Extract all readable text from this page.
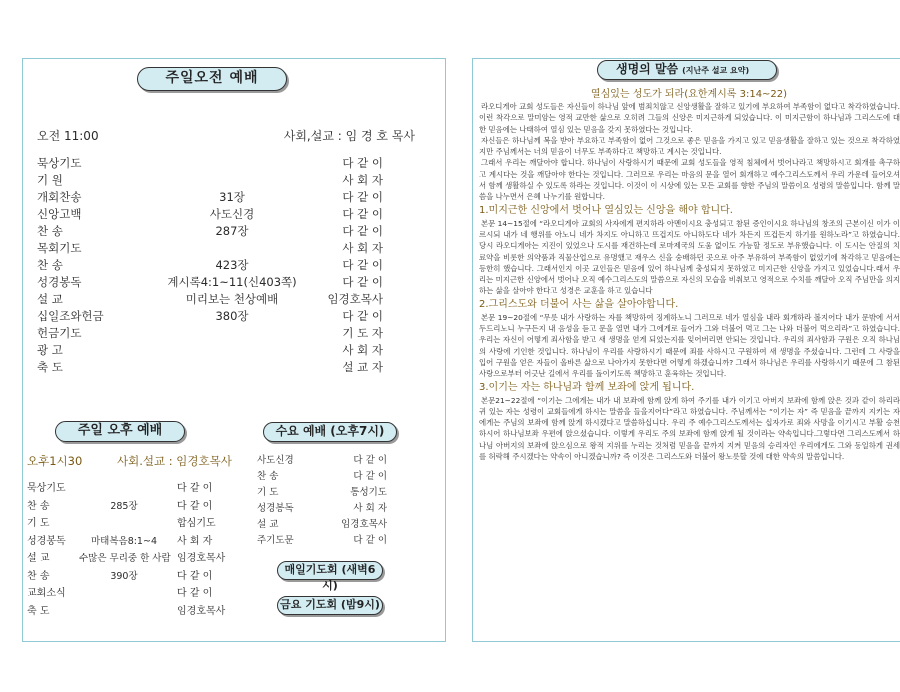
주일오전 예배
오전 11:00	사회,설교 : 임 경 호 목사
묵상기도	다 같 이
기 원	사 회 자
개회찬송	31장	다 같 이
신앙고백	사도신경	다 같 이
찬 송	287장	다 같 이
목회기도	사 회 자
찬 송	423장	다 같 이
성경봉독	계시록4:1~11(신403쪽)	다 같 이
설 교	미리보는 천상예배	임경호목사
십일조와헌금	380장	다 같 이
헌금기도	기 도 자
광 고	사 회 자
축 도	설 교 자
주일 오후 예배	수요 예배 (오후7시)
오후1시30	사회.설교 : 임경호목사
묵상기도	다 같 이
찬 송	285장	다 같 이
기 도	합심기도
성경봉독	마태복음8:1~4	사 회 자
설 교	수많은 무리중 한 사람 임경호목사
찬 송	390장	다 같 이
교회소식	다 같 이
축 도	임경호목사
사도신경	다 같 이
찬 송	다 같 이
기 도	통성기도
성경봉독	사 회 자
설 교	임경호목사
주기도문	다 같 이
매일기도회 (새벽6시)
금요 기도회 (밤9시)
생명의 말씀 (지난주 설교 요약)
열심있는 성도가 되라(요한계시록 3:14~22)

라오디게아 교회 성도들은 자신들이 하나님 앞에 범죄치않고 신앙생활을 잘하고 있기에 부요하여 부족함이 없다고 착각하였습니다. 이런 착각으로 말미암는 영적 교만한 삶으로 오히려 그들의 신앙은 미지근하게 되었습니다. 이 미지근함이 하나님과 그리스도에 대한 믿음에는 나태하여 열심 있는 믿음을 갖지 못하였다는 것입니다.

자신들은 하나님께 복을 받아 부요하고 부족함이 없어 그것으로 좋은 믿음을 가지고 있고 믿음생활을 잘하고 있는 것으로 착각하였지만 주님께서는 너의 믿음이 너무도 부족하다고 책망하고 계시는 것입니다.

그래서 우리는 깨달아야 합니다. 하나님이 사랑하시기 때문에 교회 성도들을 영적 침체에서 벗어나라고 책망하시고 회개를 촉구하고 계시다는 것을 깨달아야 한다는 것입니다. 그러므로 우리는 마음의 문을 열어 회개하고 예수그리스도께서 우리 가운데 들어오셔서 함께 생활하실 수 있도록 하라는 것입니다. 이것이 이 시상에 있는 모든 교회를 향한 주님의 말씀이요 성령의 말씀입니다. 함께 말씀을 나누면서 은혜 나누기를 원합니다.

1.미지근한 신앙에서 벗어나 열심있는 신앙을 해야 합니다.

본문 14~15절에 “라오디게아 교회의 사자에게 편지하라 아멘이시요 충성되고 참된 증인이시요 하나님의 창조의 근본이신 이가 이르시되 내가 네 행위를 아노니 네가 차지도 아니하고 뜨겁지도 아니하도다 네가 차든지 뜨겁든지 하기를 원하노라”고 하였습니다. 당시 라오디게아는 지진이 있었으나 도시를 재건하는데 로마제국의 도움 없이도 가능할 정도로 부유했습니다. 이 도시는 안질의 치료약을 비롯한 의약품과 직물산업으로 유명했고 재우스 신을 숭배하던 곳으로 아주 부유하여 부족함이 없었기에 착각하고 믿음에는 등한히 했습니다. 그래서인지 이곳 교인들은 믿음에 있어 하나님께 충성되지 못하였고 미지근한 신앙을 가지고 있었습니다.래서 우리는 미지근한 신앙에서 벗어나 오직 예수그리스도의 말씀으로 자신의 모습을 비춰보고 영적으로 수치를 깨달아 오직 주님만을 의지하는 삶을 살아야 한다고 성경은 교훈을 하고 있습니다

2.그리스도와 더불어 사는 삶을 살아야합니다.

본문 19~20절에 “무릇 내가 사랑하는 자를 책망하여 징계하노니 그러므로 네가 열심을 내라 회개하라 볼지어다 내가 문밖에 서서 두드리노니 누구든지 내 음성을 듣고 문을 열면 내가 그에게로 들어가 그와 더불어 먹고 그는 나와 더불어 먹으리라”고 하였습니다. 우리는 자신이 어떻게 죄사함을 받고 새 생명을 얻게 되었는지를 잊어버리면 안되는 것입니다. 우리의 죄사함과 구원은 오직 하나님의 사랑에 기인한 것입니다. 하나님이 우리를 사랑하시기 때문에 죄를 사하시고 구원하여 새 생명을 주셨습니다. 그런데 그 사랑을 입어 구원을 얻은 자들이 올바른 삶으로 나아가지 못한다면 어떻게 하겠습니까? 그래서 하나님은 우리를 사랑하시기 때문에 그 참된 사랑으로부터 어긋난 길에서 우리를 돌이키도록 책망하고 훈육하는 것입니다.

3.이기는 자는 하나님과 함께 보좌에 앉게 됩니다.

본문21~22절에 “이기는 그에게는 내가 내 보좌에 함께 앉게 하여 주기를 내가 이기고 아버지 보좌에 함께 앉은 것과 같이 하리라 귀 있는 자는 성령이 교회들에게 하시는 말씀을 들을지어다”라고 하였습니다. 주님께서는 “이기는 자” 즉 믿음을 끝까지 지키는 자에게는 주님의 보좌에 함께 앉게 하시겠다고 말씀하십니다. 우리 주 예수그리스도께서는 십자가로 죄와 사망을 이기시고 부활 승천하시어 하나님보좌 우편에 앉으셨습니다. 이렇게 우리도 주의 보좌에 함께 앉게 될 것이라는 약속입니다.그렇다면 그리스도께서 하나님 아버지의 보좌에 앉으심으로 왕적 지위를 누리는 것처럼 믿음을 끝까지 지켜 믿음의 승리자인 우리에게도 그와 동일하게 권세를 허락해 주시겠다는 약속이 아니겠습니까? 즉 이것은 그리스도와 더불어 왕노릇할 것에 대한 약속의 말씀입니다.
